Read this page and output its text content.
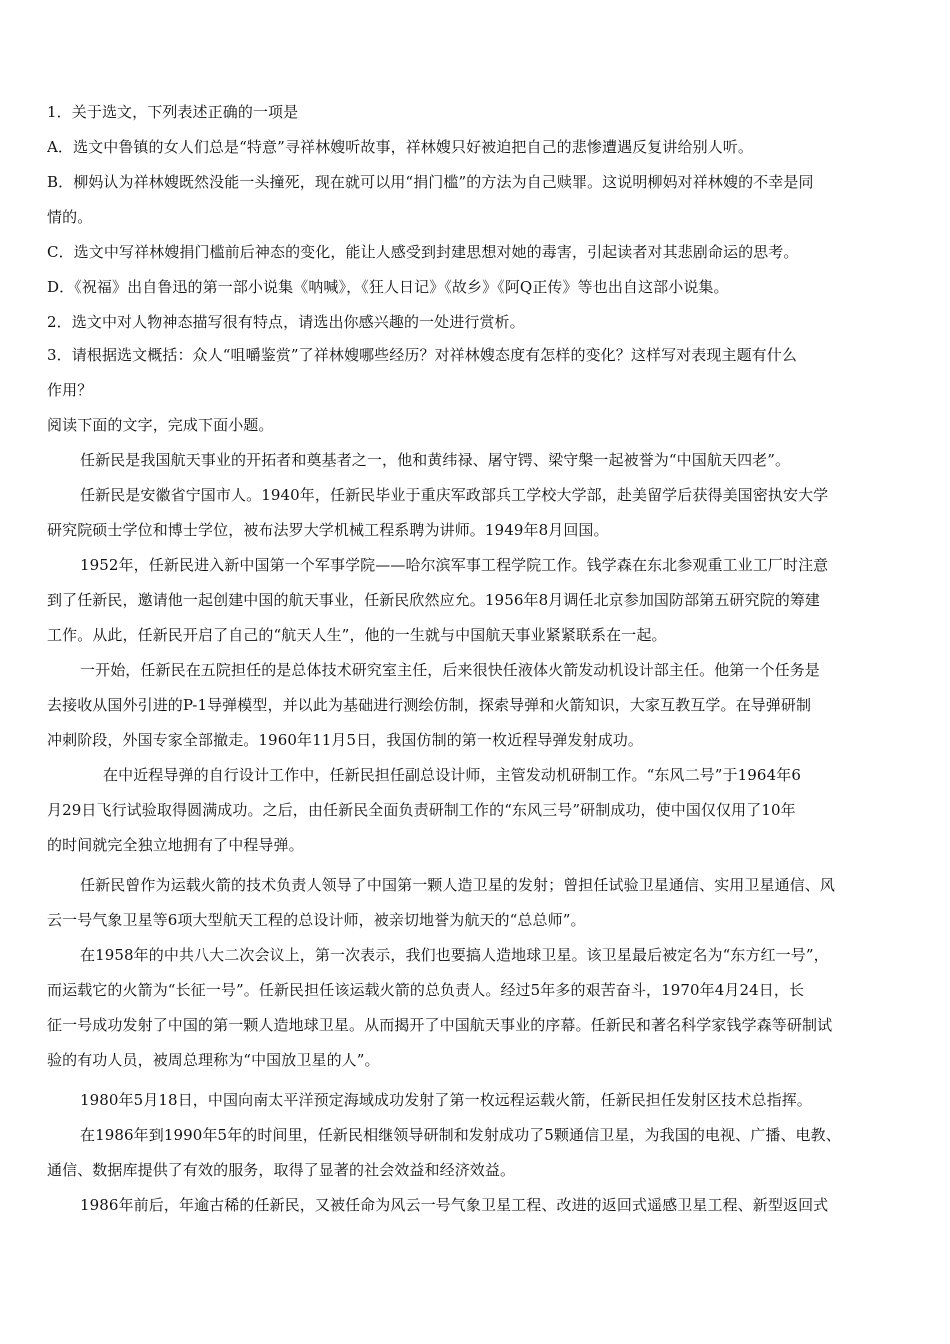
1．关于选文，下列表述正确的一项是
A．选文中鲁镇的女人们总是“特意”寻祥林嫂听故事，祥林嫂只好被迫把自己的悲惨遭遇反复讲给别人听。
B．柳妈认为祥林嫂既然没能一头撞死，现在就可以用“捐门槛”的方法为自己赎罪。这说明柳妈对祥林嫂的不幸是同
情的。
C．选文中写祥林嫂捐门槛前后神态的变化，能让人感受到封建思想对她的毒害，引起读者对其悲剧命运的思考。
D．《祝福》出自鲁迅的第一部小说集《呐喊》，《狂人日记》《故乡》《阿Q正传》等也出自这部小说集。
2．选文中对人物神态描写很有特点，请选出你感兴趣的一处进行赏析。
3．请根据选文概括：众人“咀嚼鉴赏”了祥林嫂哪些经历？对祥林嫂态度有怎样的变化？这样写对表现主题有什么
作用？
阅读下面的文字，完成下面小题。
任新民是我国航天事业的开拓者和奠基者之一，他和黄纬禄、屠守锷、梁守槃一起被誉为“中国航天四老”。
任新民是安徽省宁国市人。1940年，任新民毕业于重庆军政部兵工学校大学部，赴美留学后获得美国密执安大学
研究院硕士学位和博士学位，被布法罗大学机械工程系聘为讲师。1949年8月回国。
1952年，任新民进入新中国第一个军事学院——哈尔滨军事工程学院工作。钱学森在东北参观重工业工厂时注意
到了任新民，邀请他一起创建中国的航天事业，任新民欣然应允。1956年8月调任北京参加国防部第五研究院的筹建
工作。从此，任新民开启了自己的“航天人生”，他的一生就与中国航天事业紧紧联系在一起。
一开始，任新民在五院担任的是总体技术研究室主任，后来很快任液体火箭发动机设计部主任。他第一个任务是
去接收从国外引进的P-1导弹模型，并以此为基础进行测绘仿制，探索导弹和火箭知识，大家互教互学。在导弹研制
冲刺阶段，外国专家全部撤走。1960年11月5日，我国仿制的第一枚近程导弹发射成功。
在中近程导弹的自行设计工作中，任新民担任副总设计师，主管发动机研制工作。“东风二号”于1964年6
月29日飞行试验取得圆满成功。之后，由任新民全面负责研制工作的“东风三号”研制成功，使中国仅仅用了10年
的时间就完全独立地拥有了中程导弹。
任新民曾作为运载火箭的技术负责人领导了中国第一颗人造卫星的发射；曾担任试验卫星通信、实用卫星通信、风
云一号气象卫星等6项大型航天工程的总设计师，被亲切地誉为航天的“总总师”。
在1958年的中共八大二次会议上，第一次表示，我们也要搞人造地球卫星。该卫星最后被定名为“东方红一号”，
而运载它的火箭为“长征一号”。任新民担任该运载火箭的总负责人。经过5年多的艰苦奋斗，1970年4月24日，长
征一号成功发射了中国的第一颗人造地球卫星。从而揭开了中国航天事业的序幕。任新民和著名科学家钱学森等研制试
验的有功人员，被周总理称为“中国放卫星的人”。
1980年5月18日，中国向南太平洋预定海域成功发射了第一枚远程运载火箭，任新民担任发射区技术总指挥。
在1986年到1990年5年的时间里，任新民相继领导研制和发射成功了5颗通信卫星，为我国的电视、广播、电教、
通信、数据库提供了有效的服务，取得了显著的社会效益和经济效益。
1986年前后，年逾古稀的任新民，又被任命为风云一号气象卫星工程、改进的返回式遥感卫星工程、新型返回式
